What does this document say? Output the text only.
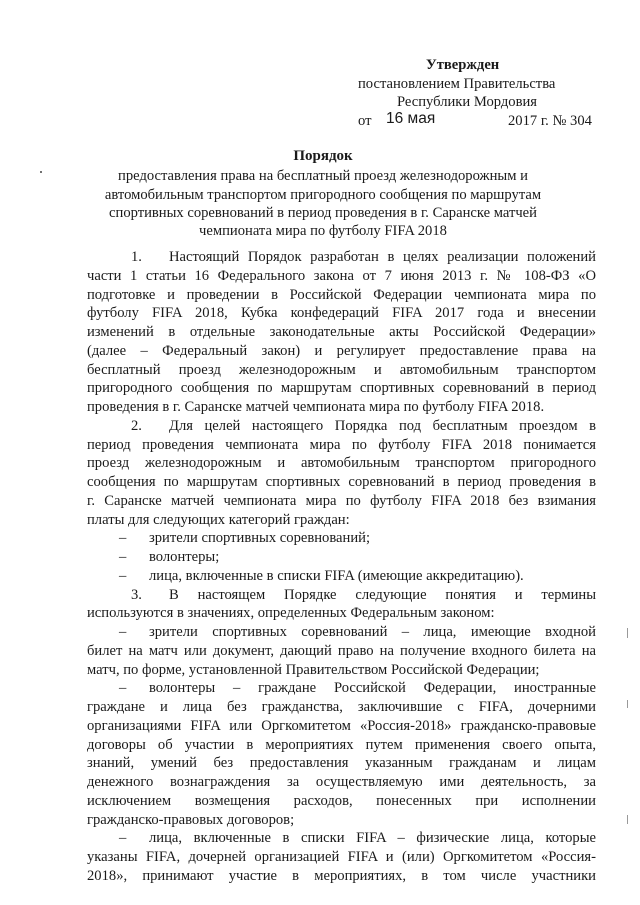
Утвержден
постановлением Правительства
Республики Мордовия
от 16 мая	2017 г. № 304
Порядок
предоставления права на бесплатный проезд железнодорожным и
автомобильным транспортом пригородного сообщения по маршрутам
спортивных соревнований в период проведения в г. Саранске матчей
чемпионата мира по футболу FIFA 2018
1. Настоящий Порядок разработан в целях реализации положений
части 1 статьи 16 Федерального закона от 7 июня 2013 г. № 108-ФЗ «О
подготовке и проведении в Российской Федерации чемпионата мира по
футболу FIFA 2018, Кубка конфедераций FIFA 2017 года и внесении
изменений в отдельные законодательные акты Российской Федерации»
(далее – Федеральный закон) и регулирует предоставление права на
бесплатный проезд железнодорожным и автомобильным транспортом
пригородного сообщения по маршрутам спортивных соревнований в период
проведения в г. Саранске матчей чемпионата мира по футболу FIFA 2018.
2. Для целей настоящего Порядка под бесплатным проездом в
период проведения чемпионата мира по футболу FIFA 2018 понимается
проезд железнодорожным и автомобильным транспортом пригородного
сообщения по маршрутам спортивных соревнований в период проведения в
г. Саранске матчей чемпионата мира по футболу FIFA 2018 без взимания
платы для следующих категорий граждан:
– зрители спортивных соревнований;
– волонтеры;
– лица, включенные в списки FIFA (имеющие аккредитацию).
3. В настоящем Порядке следующие понятия и термины
используются в значениях, определенных Федеральным законом:
– зрители спортивных соревнований – лица, имеющие входной
билет на матч или документ, дающий право на получение входного билета на
матч, по форме, установленной Правительством Российской Федерации;
– волонтеры – граждане Российской Федерации, иностранные
граждане и лица без гражданства, заключившие с FIFA, дочерними
организациями FIFA или Оргкомитетом «Россия-2018» гражданско-правовые
договоры об участии в мероприятиях путем применения своего опыта,
знаний, умений без предоставления указанным гражданам и лицам
денежного вознаграждения за осуществляемую ими деятельность, за
исключением возмещения расходов, понесенных при исполнении
гражданско-правовых договоров;
– лица, включенные в списки FIFA – физические лица, которые
указаны FIFA, дочерней организацией FIFA и (или) Оргкомитетом «Россия-
2018», принимают участие в мероприятиях, в том числе участники
